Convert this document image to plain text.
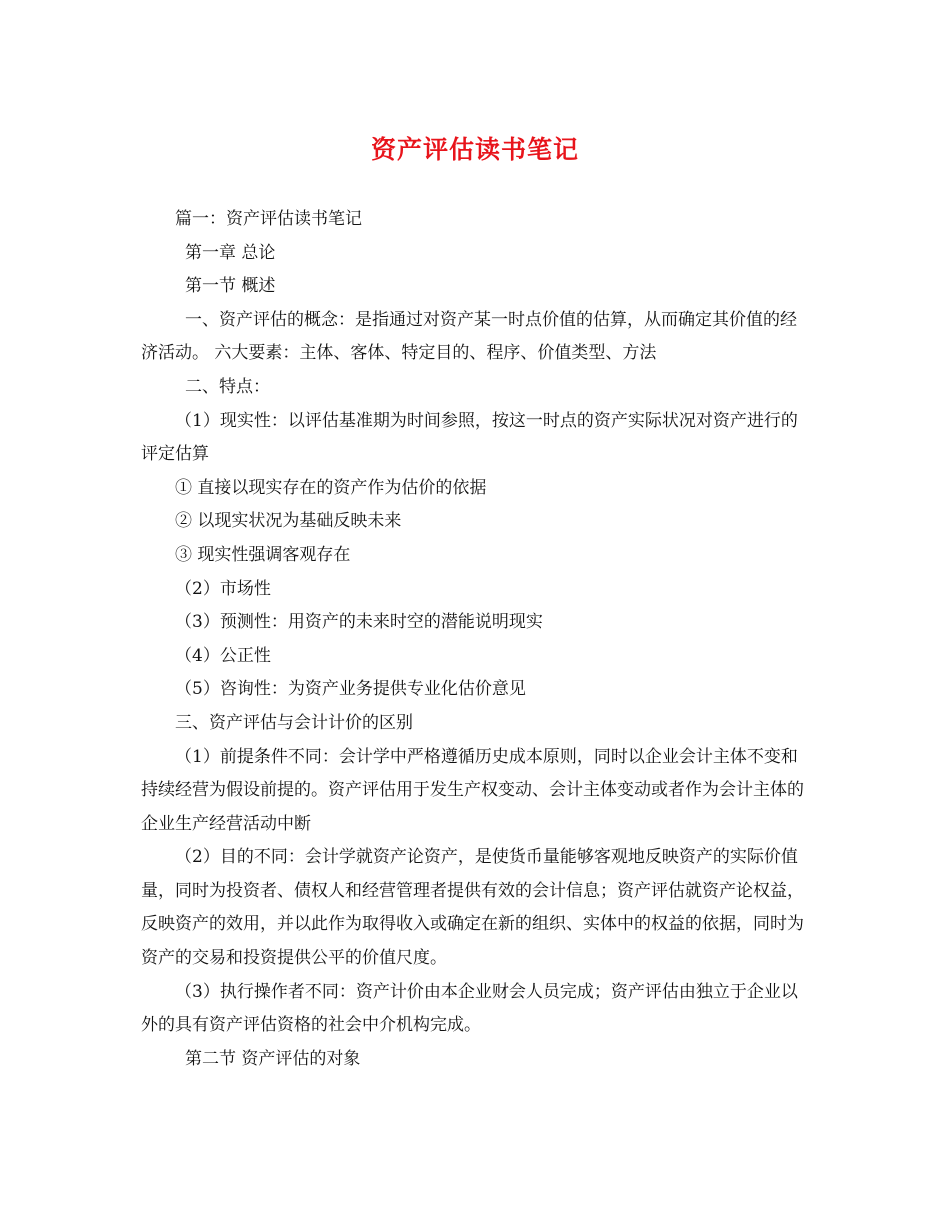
资产评估读书笔记

篇一：资产评估读书笔记

第一章 总论

第一节 概述

一、资产评估的概念：是指通过对资产某一时点价值的估算，从而确定其价值的经济活动。 六大要素：主体、客体、特定目的、程序、价值类型、方法

二、特点：

（1）现实性：以评估基准期为时间参照，按这一时点的资产实际状况对资产进行的评定估算

① 直接以现实存在的资产作为估价的依据

② 以现实状况为基础反映未来

③ 现实性强调客观存在

（2）市场性

（3）预测性：用资产的未来时空的潜能说明现实

（4）公正性

（5）咨询性：为资产业务提供专业化估价意见

三、资产评估与会计计价的区别

（1）前提条件不同：会计学中严格遵循历史成本原则，同时以企业会计主体不变和持续经营为假设前提的。资产评估用于发生产权变动、会计主体变动或者作为会计主体的企业生产经营活动中断

（2）目的不同：会计学就资产论资产，是使货币量能够客观地反映资产的实际价值量，同时为投资者、债权人和经营管理者提供有效的会计信息；资产评估就资产论权益，反映资产的效用，并以此作为取得收入或确定在新的组织、实体中的权益的依据，同时为资产的交易和投资提供公平的价值尺度。

（3）执行操作者不同：资产计价由本企业财会人员完成；资产评估由独立于企业以外的具有资产评估资格的社会中介机构完成。

第二节 资产评估的对象
